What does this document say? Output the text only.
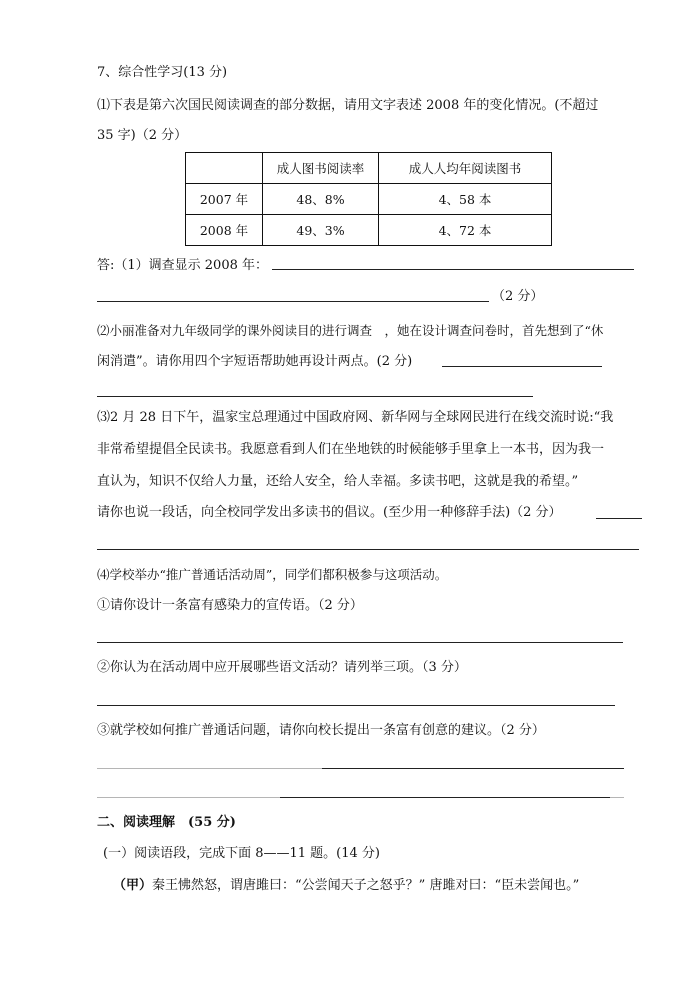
7、综合性学习(13 分)
⑴下表是第六次国民阅读调查的部分数据，请用文字表述 2008 年的变化情况。(不超过
35 字)（2 分）
	成人图书阅读率	成人人均年阅读图书
2007 年	48、8%	4、58 本
2008 年	49、3%	4、72 本
答:（1）调查显示 2008 年：
（2 分）
⑵小丽准备对九年级同学的课外阅读目的进行调查　，她在设计调查问卷时，首先想到了“休
闲消遣”。请你用四个字短语帮助她再设计两点。(2 分)
⑶2 月 28 日下午，温家宝总理通过中国政府网、新华网与全球网民进行在线交流时说:“我
非常希望提倡全民读书。我愿意看到人们在坐地铁的时候能够手里拿上一本书，因为我一
直认为，知识不仅给人力量，还给人安全，给人幸福。多读书吧，这就是我的希望。”
请你也说一段话，向全校同学发出多读书的倡议。(至少用一种修辞手法)（2 分）
⑷学校举办“推广普通话活动周”，同学们都积极参与这项活动。
①请你设计一条富有感染力的宣传语。（2 分）
②你认为在活动周中应开展哪些语文活动？请列举三项。（3 分）
③就学校如何推广普通话问题，请你向校长提出一条富有创意的建议。（2 分）
二、阅读理解　(55 分)
(一）阅读语段，完成下面 8——11 题。(14 分)
（甲）秦王怫然怒，谓唐雎曰：“公尝闻天子之怒乎？” 唐雎对曰：“臣未尝闻也。”
